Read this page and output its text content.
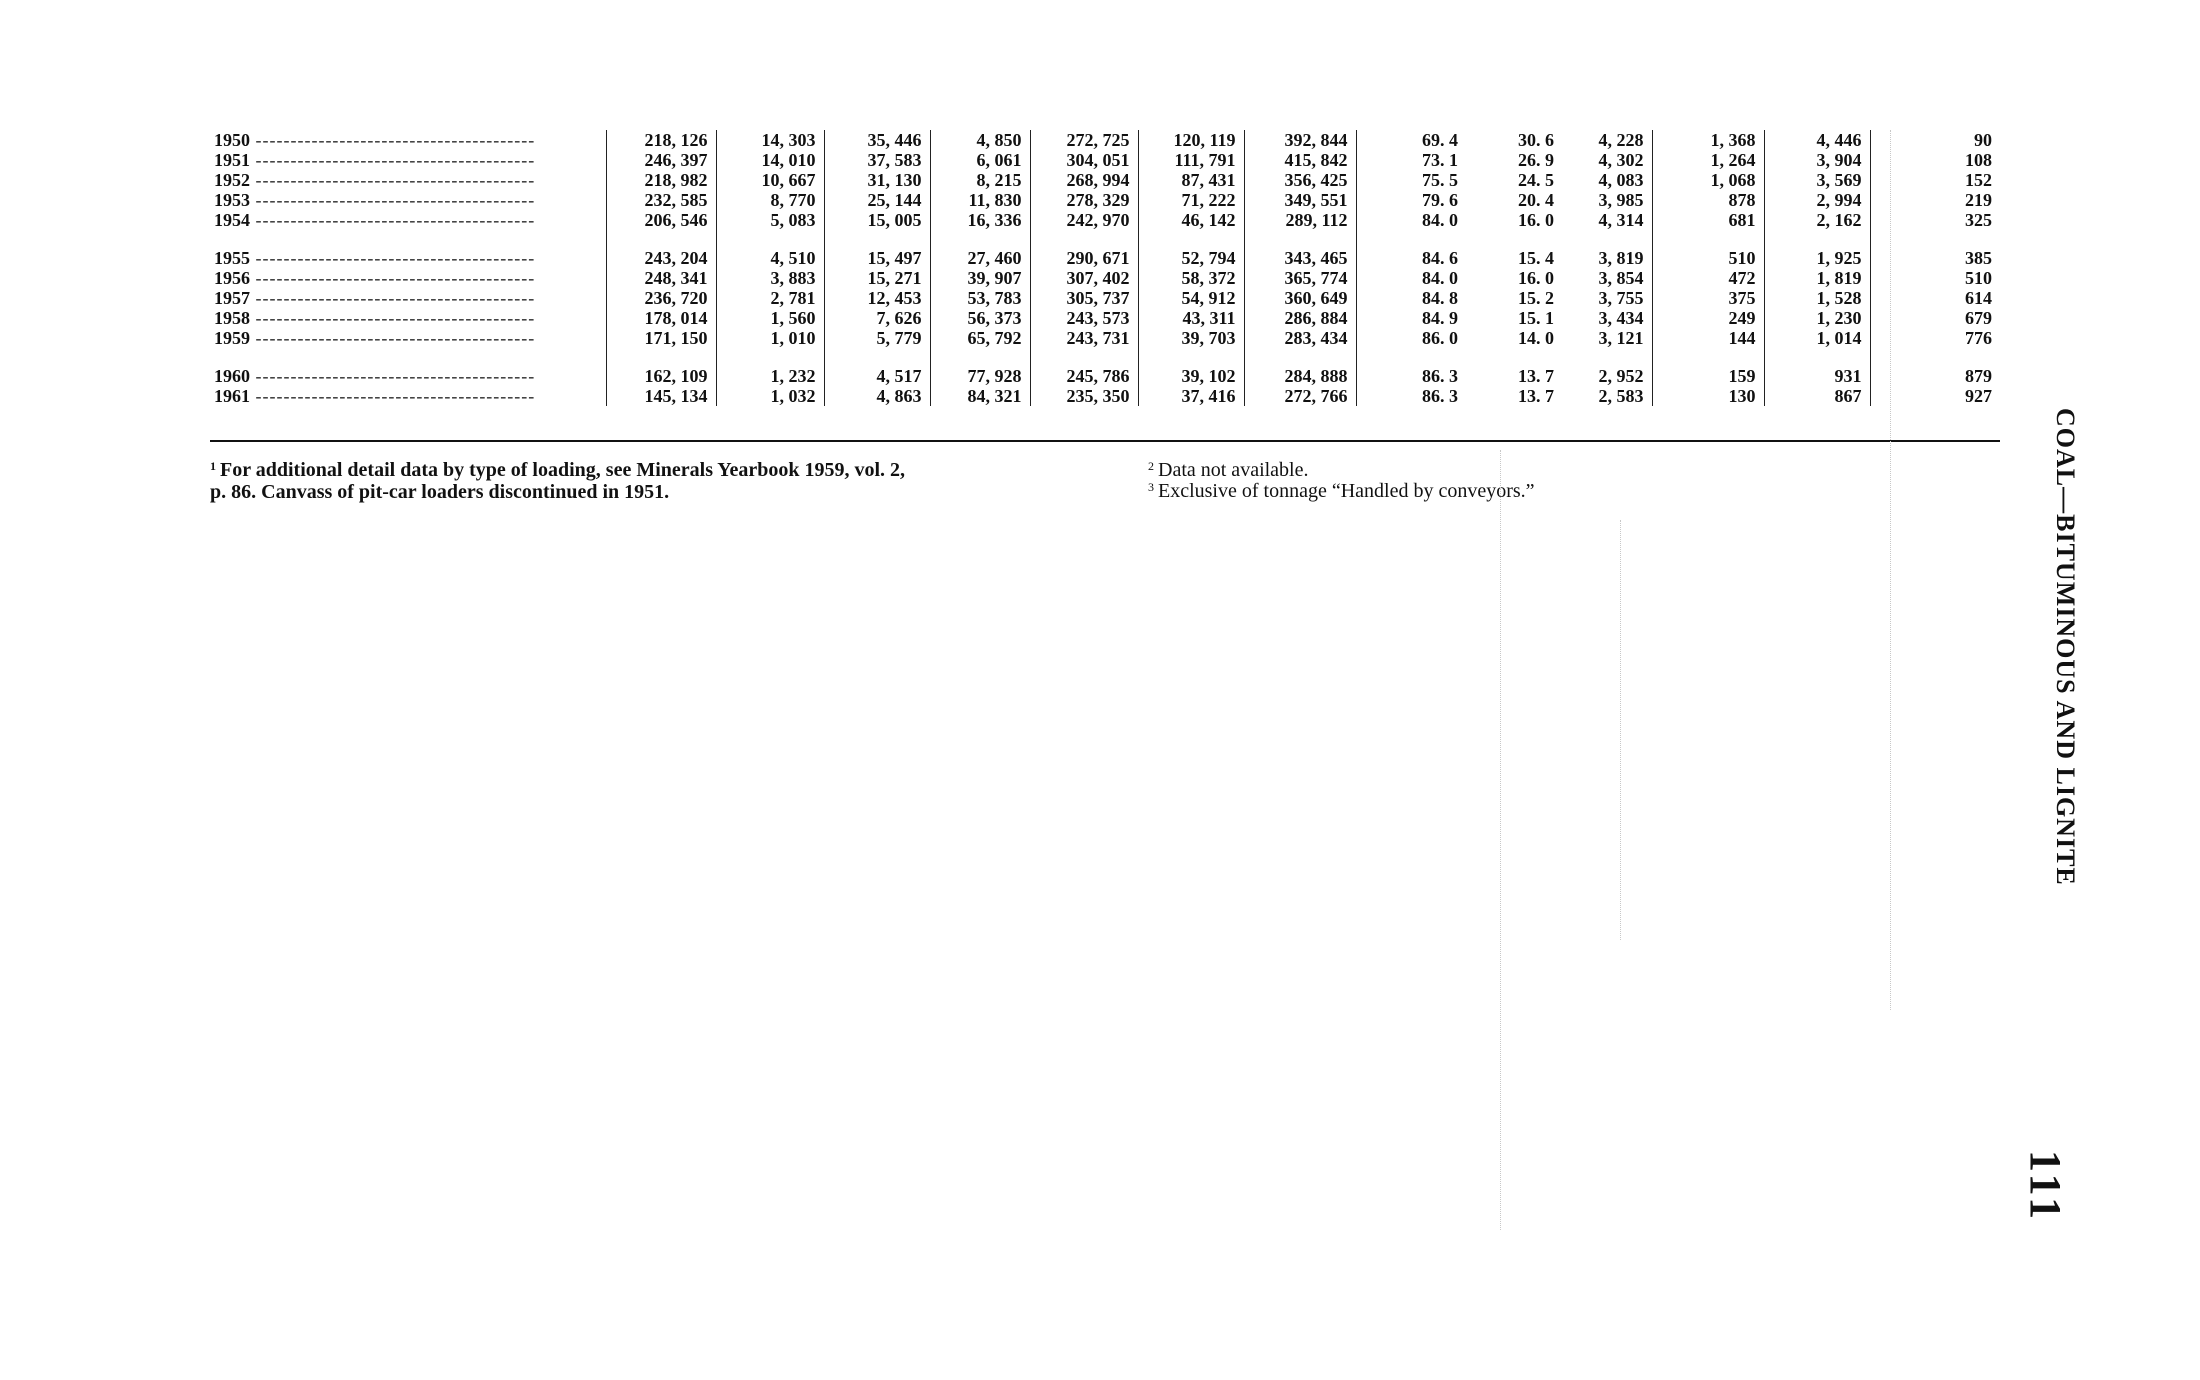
1950 ----------------------------------------	218, 126	14, 303	35, 446	4, 850	272, 725	120, 119	392, 844	69. 4	30. 6	4, 228	1, 368	4, 446	90
1951 ----------------------------------------	246, 397	14, 010	37, 583	6, 061	304, 051	111, 791	415, 842	73. 1	26. 9	4, 302	1, 264	3, 904	108
1952 ----------------------------------------	218, 982	10, 667	31, 130	8, 215	268, 994	87, 431	356, 425	75. 5	24. 5	4, 083	1, 068	3, 569	152
1953 ----------------------------------------	232, 585	8, 770	25, 144	11, 830	278, 329	71, 222	349, 551	79. 6	20. 4	3, 985	878	2, 994	219
1954 ----------------------------------------	206, 546	5, 083	15, 005	16, 336	242, 970	46, 142	289, 112	84. 0	16. 0	4, 314	681	2, 162	325

1955 ----------------------------------------	243, 204	4, 510	15, 497	27, 460	290, 671	52, 794	343, 465	84. 6	15. 4	3, 819	510	1, 925	385
1956 ----------------------------------------	248, 341	3, 883	15, 271	39, 907	307, 402	58, 372	365, 774	84. 0	16. 0	3, 854	472	1, 819	510
1957 ----------------------------------------	236, 720	2, 781	12, 453	53, 783	305, 737	54, 912	360, 649	84. 8	15. 2	3, 755	375	1, 528	614
1958 ----------------------------------------	178, 014	1, 560	7, 626	56, 373	243, 573	43, 311	286, 884	84. 9	15. 1	3, 434	249	1, 230	679
1959 ----------------------------------------	171, 150	1, 010	5, 779	65, 792	243, 731	39, 703	283, 434	86. 0	14. 0	3, 121	144	1, 014	776

1960 ----------------------------------------	162, 109	1, 232	4, 517	77, 928	245, 786	39, 102	284, 888	86. 3	13. 7	2, 952	159	931	879
1961 ----------------------------------------	145, 134	1, 032	4, 863	84, 321	235, 350	37, 416	272, 766	86. 3	13. 7	2, 583	130	867	927
$^1$ For additional detail data by type of loading, see Minerals Yearbook 1959, vol. 2,
p. 86. Canvass of pit-car loaders discontinued in 1951.
$^2$ Data not available.
$^3$ Exclusive of tonnage “Handled by conveyors.”	COAL—BITUMINOUS AND LIGNITE
111
